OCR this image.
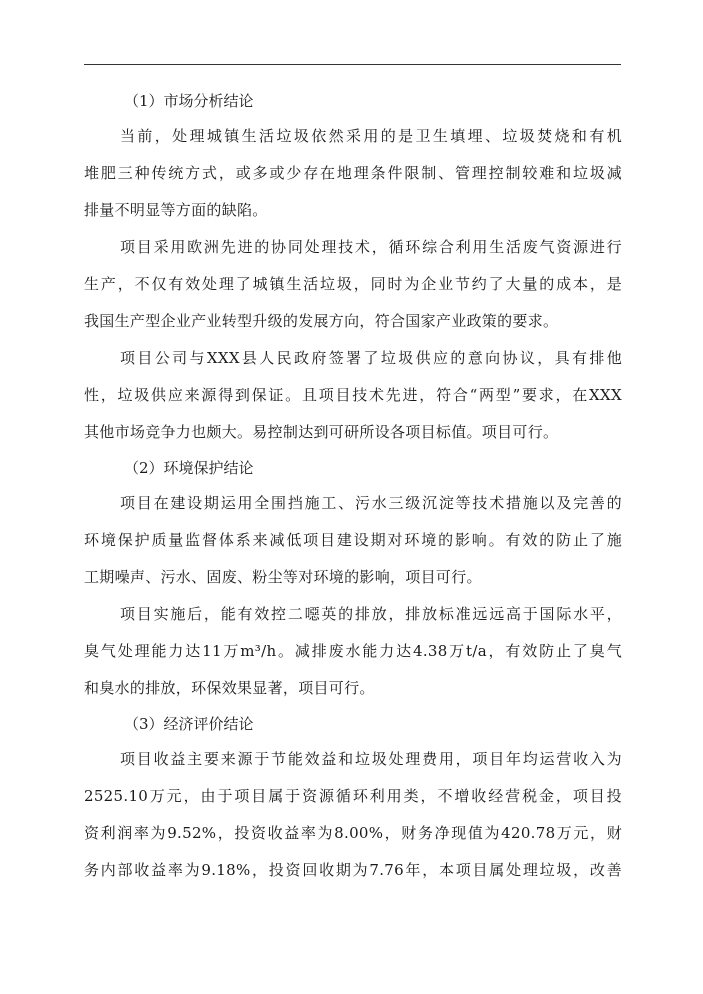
（1）市场分析结论
当前，处理城镇生活垃圾依然采用的是卫生填埋、垃圾焚烧和有机
堆肥三种传统方式，或多或少存在地理条件限制、管理控制较难和垃圾减
排量不明显等方面的缺陷。
项目采用欧洲先进的协同处理技术，循环综合利用生活废气资源进行
生产，不仅有效处理了城镇生活垃圾，同时为企业节约了大量的成本，是
我国生产型企业产业转型升级的发展方向，符合国家产业政策的要求。
项目公司与XXX县人民政府签署了垃圾供应的意向协议，具有排他
性，垃圾供应来源得到保证。且项目技术先进，符合“两型”要求，在XXX
其他市场竞争力也颇大。易控制达到可研所设各项目标值。项目可行。
（2）环境保护结论
项目在建设期运用全围挡施工、污水三级沉淀等技术措施以及完善的
环境保护质量监督体系来减低项目建设期对环境的影响。有效的防止了施
工期噪声、污水、固废、粉尘等对环境的影响，项目可行。
项目实施后，能有效控二噁英的排放，排放标准远远高于国际水平，
臭气处理能力达11万m³/h。减排废水能力达4.38万t/a，有效防止了臭气
和臭水的排放，环保效果显著，项目可行。
（3）经济评价结论
项目收益主要来源于节能效益和垃圾处理费用，项目年均运营收入为
2525.10万元，由于项目属于资源循环利用类，不增收经营税金，项目投
资利润率为9.52%，投资收益率为8.00%，财务净现值为420.78万元，财
务内部收益率为9.18%，投资回收期为7.76年，本项目属处理垃圾，改善
